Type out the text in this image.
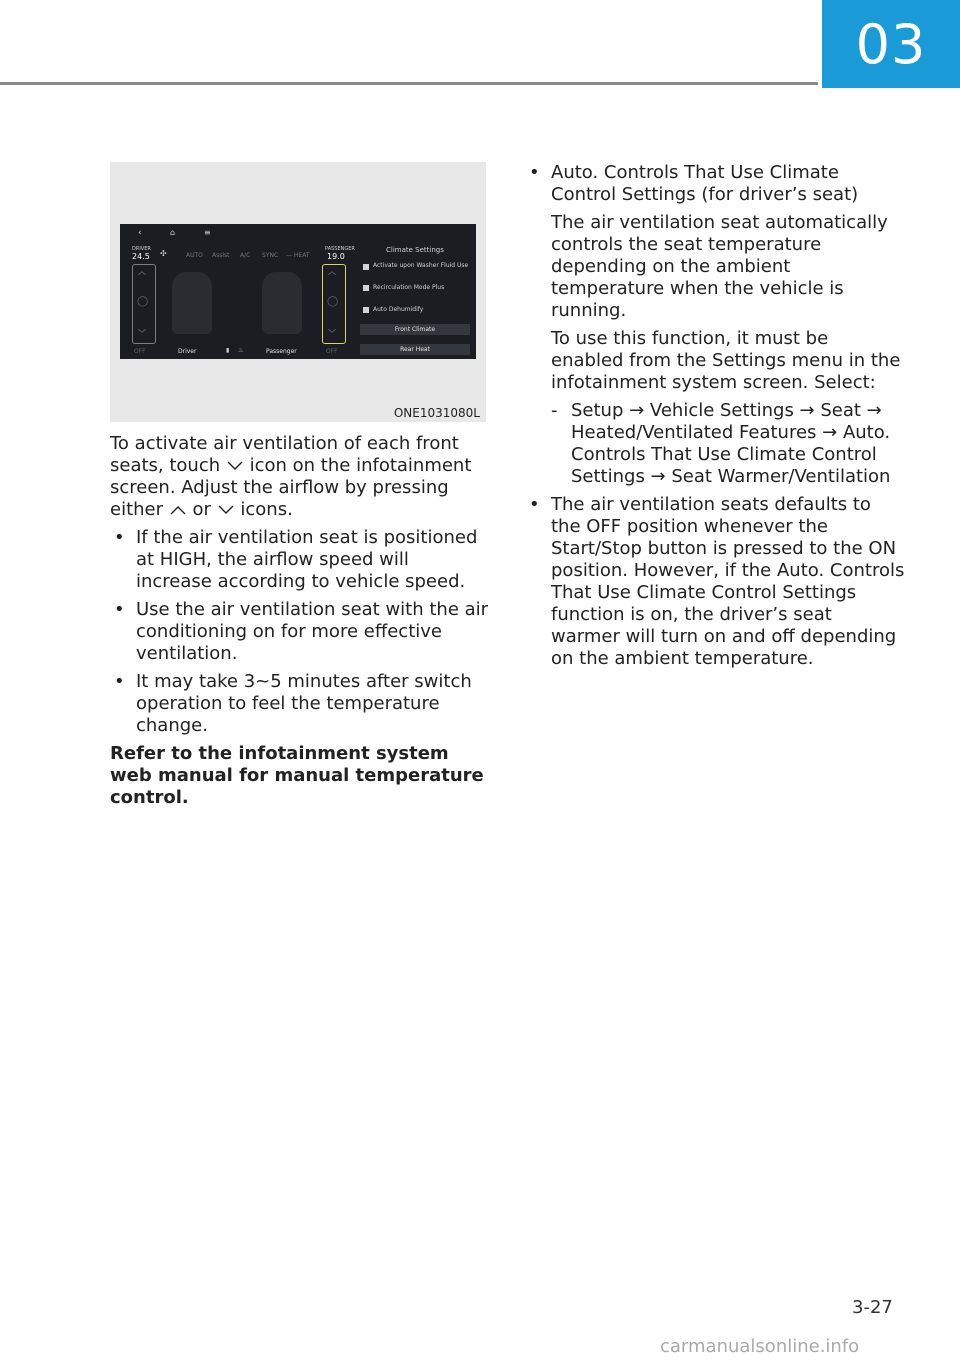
03
‹	⌂	≡
DRIVER
24.5 ✣	AUTO Assist A/C SYNC — HEAT
PASSENGER
19.0
︿
◯
﹀
︿
◯
﹀
OFF	Driver	▮ ♨	Passenger	OFF
Climate Settings
Activate upon Washer Fluid Use
Recirculation Mode Plus
Auto Dehumidify
Front Climate
Rear Heat
ONE1031080L

To activate air ventilation of each front
seats, touch icon on the infotainment
screen. Adjust the airflow by pressing
either or icons.

• If the air ventilation seat is positioned at HIGH, the airflow speed will increase according to vehicle speed.
• Use the air ventilation seat with the air conditioning on for more effective ventilation.
• It may take 3~5 minutes after switch operation to feel the temperature change.

Refer to the infotainment system web manual for manual temperature control.

• Auto. Controls That Use Climate Control Settings (for driver’s seat)

The air ventilation seat automatically controls the seat temperature depending on the ambient temperature when the vehicle is running.

To use this function, it must be enabled from the Settings menu in the infotainment system screen. Select:

- Setup → Vehicle Settings → Seat → Heated/Ventilated Features → Auto. Controls That Use Climate Control Settings → Seat Warmer/Ventilation
• The air ventilation seats defaults to the OFF position whenever the Start/Stop button is pressed to the ON position. However, if the Auto. Controls That Use Climate Control Settings function is on, the driver’s seat warmer will turn on and off depending on the ambient temperature.
3-27
carmanualsonline.info
